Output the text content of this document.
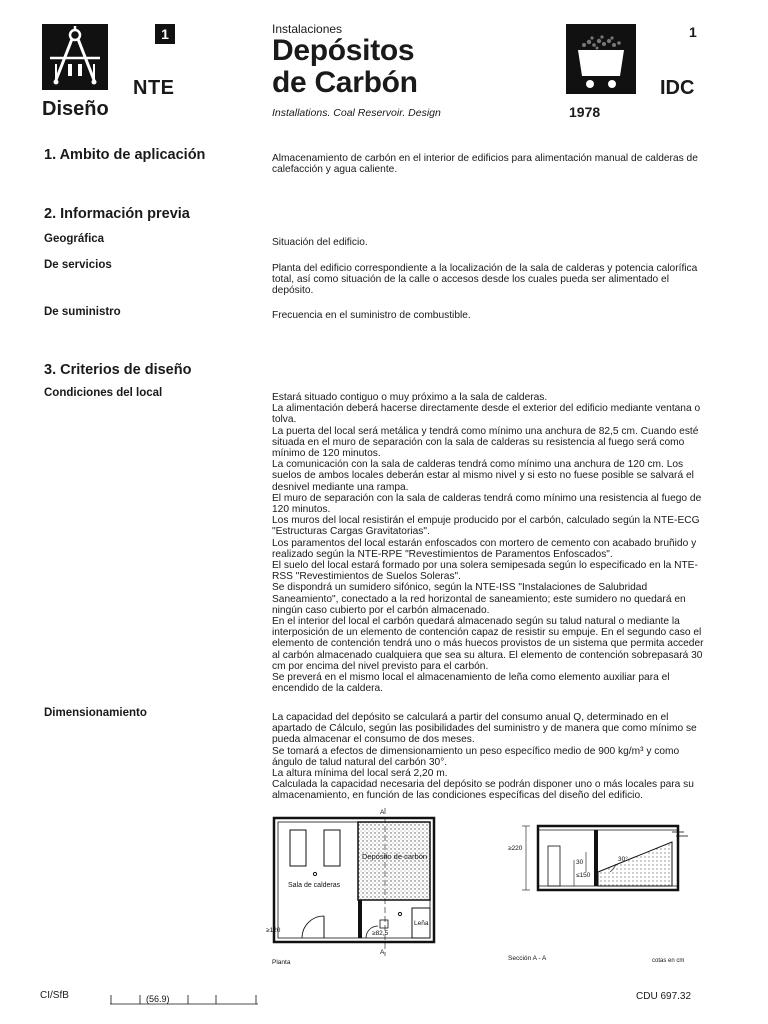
1
NTE
Diseño
Instalaciones
Depósitos
de Carbón
Installations. Coal Reservoir. Design
1
IDC
1978
1. Ambito de aplicación	Almacenamiento de carbón en el interior de edificios para alimentación manual de calderas de calefacción y agua caliente.
2. Información previa
Geográfica	Situación del edificio.
De servicios	Planta del edificio correspondiente a la localización de la sala de calderas y potencia calorífica total, así como situación de la calle o accesos desde los cuales pueda ser alimentado el depósito.
De suministro	Frecuencia en el suministro de combustible.
3. Criterios de diseño
Condiciones del local	Estará situado contiguo o muy próximo a la sala de calderas.

La alimentación deberá hacerse directamente desde el exterior del edificio mediante ventana o tolva.

La puerta del local será metálica y tendrá como mínimo una anchura de 82,5 cm. Cuando esté situada en el muro de separación con la sala de calderas su resistencia al fuego será como mínimo de 120 minutos.

La comunicación con la sala de calderas tendrá como mínimo una anchura de 120 cm. Los suelos de ambos locales deberán estar al mismo nivel y si esto no fuese posible se salvará el desnivel mediante una rampa.

El muro de separación con la sala de calderas tendrá como mínimo una resistencia al fuego de 120 minutos.

Los muros del local resistirán el empuje producido por el carbón, calculado según la NTE-ECG "Estructuras Cargas Gravitatorias".

Los paramentos del local estarán enfoscados con mortero de cemento con acabado bruñido y realizado según la NTE-RPE "Revestimientos de Paramentos Enfoscados".

El suelo del local estará formado por una solera semipesada según lo especificado en la NTE-RSS "Revestimientos de Suelos Soleras".

Se dispondrá un sumidero sifónico, según la NTE-ISS "Instalaciones de Salubridad Saneamiento", conectado a la red horizontal de saneamiento; este sumidero no quedará en ningún caso cubierto por el carbón almacenado.

En el interior del local el carbón quedará almacenado según su talud natural o mediante la interposición de un elemento de contención capaz de resistir su empuje. En el segundo caso el elemento de contención tendrá uno o más huecos provistos de un sistema que permita acceder al carbón almacenado cualquiera que sea su altura. El elemento de contención sobrepasará 30 cm por encima del nivel previsto para el carbón.

Se preverá en el mismo local el almacenamiento de leña como elemento auxiliar para el encendido de la caldera.

Dimensionamiento	La capacidad del depósito se calculará a partir del consumo anual Q, determinado en el apartado de Cálculo, según las posibilidades del suministro y de manera que como mínimo se pueda almacenar el consumo de dos meses.

Se tomará a efectos de dimensionamiento un peso específico medio de 900 kg/m³ y como ángulo de talud natural del carbón 30°.

La altura mínima del local será 2,20 m.

Calculada la capacidad necesaria del depósito se podrán disponer uno o más locales para su almacenamiento, en función de las condiciones específicas del diseño del edificio.

Depósito de carbón
Sala de calderas
Leña
≥120	≥82,5
A
A
Planta
≥220
30
≤150
30°
Sección A - A	cotas en cm
CI/SfB	(56.9)	CDU 697.32
